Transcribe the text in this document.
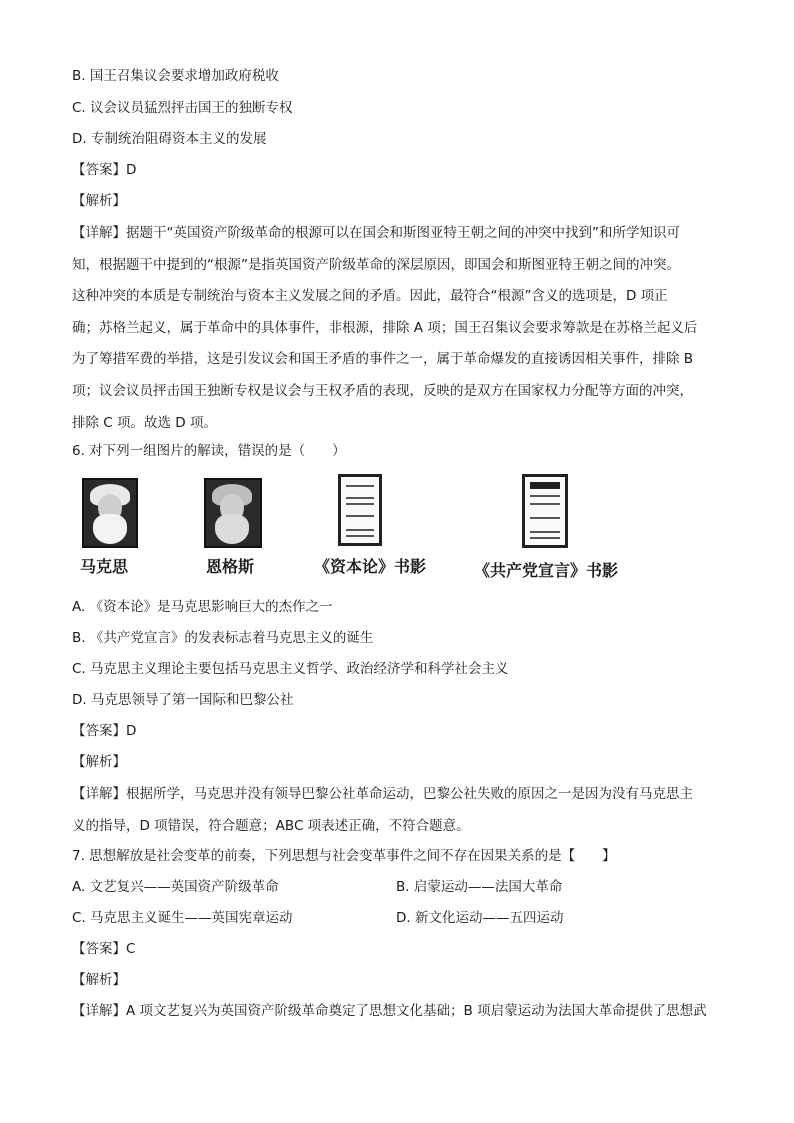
B. 国王召集议会要求增加政府税收
C. 议会议员猛烈抨击国王的独断专权
D. 专制统治阻碍资本主义的发展
【答案】D
【解析】

【详解】据题干“英国资产阶级革命的根源可以在国会和斯图亚特王朝之间的冲突中找到”和所学知识可

知，根据题干中提到的“根源”是指英国资产阶级革命的深层原因，即国会和斯图亚特王朝之间的冲突。

这种冲突的本质是专制统治与资本主义发展之间的矛盾。因此，最符合“根源”含义的选项是，D 项正

确；苏格兰起义，属于革命中的具体事件，非根源，排除 A 项；国王召集议会要求筹款是在苏格兰起义后

为了筹措军费的举措，这是引发议会和国王矛盾的事件之一，属于革命爆发的直接诱因相关事件，排除 B

项；议会议员抨击国王独断专权是议会与王权矛盾的表现，反映的是双方在国家权力分配等方面的冲突，

排除 C 项。故选 D 项。

6. 对下列一组图片的解读，错误的是（　　）
马克思	恩格斯	《资本论》书影	《共产党宣言》书影
A. 《资本论》是马克思影响巨大的杰作之一
B. 《共产党宣言》的发表标志着马克思主义的诞生
C. 马克思主义理论主要包括马克思主义哲学、政治经济学和科学社会主义
D. 马克思领导了第一国际和巴黎公社
【答案】D
【解析】

【详解】根据所学，马克思并没有领导巴黎公社革命运动，巴黎公社失败的原因之一是因为没有马克思主

义的指导，D 项错误，符合题意；ABC 项表述正确，不符合题意。

7. 思想解放是社会变革的前奏，下列思想与社会变革事件之间不存在因果关系的是【　　】
A. 文艺复兴——英国资产阶级革命	B. 启蒙运动——法国大革命
C. 马克思主义诞生——英国宪章运动	D. 新文化运动——五四运动
【答案】C
【解析】
【详解】A 项文艺复兴为英国资产阶级革命奠定了思想文化基础；B 项启蒙运动为法国大革命提供了思想武
